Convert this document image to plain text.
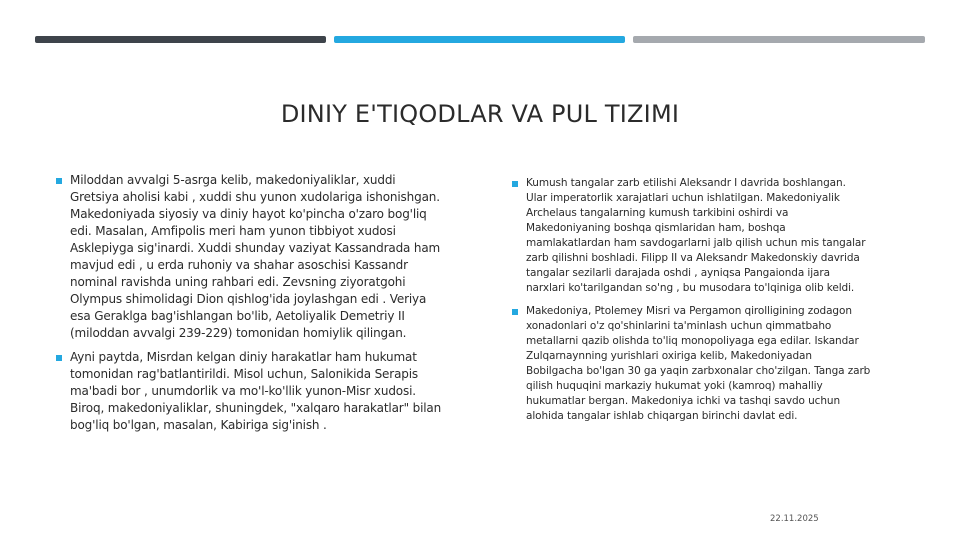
DINIY E'TIQODLAR VA PUL TIZIMI
Miloddan avvalgi 5-asrga kelib, makedoniyaliklar, xuddi
Gretsiya aholisi kabi , xuddi shu yunon xudolariga ishonishgan.
Makedoniyada siyosiy va diniy hayot ko'pincha o'zaro bog'liq
edi. Masalan, Amfipolis meri ham yunon tibbiyot xudosi
Asklepiyga sig'inardi. Xuddi shunday vaziyat Kassandrada ham
mavjud edi , u erda ruhoniy va shahar asoschisi Kassandr
nominal ravishda uning rahbari edi. Zevsning ziyoratgohi
Olympus shimolidagi Dion qishlog'ida joylashgan edi . Veriya
esa Geraklga bag'ishlangan bo'lib, Aetoliyalik Demetriy II
(miloddan avvalgi 239-229) tomonidan homiylik qilingan.
Ayni paytda, Misrdan kelgan diniy harakatlar ham hukumat
tomonidan rag'batlantirildi. Misol uchun, Salonikida Serapis
ma'badi bor , unumdorlik va mo'l-ko'llik yunon-Misr xudosi.
Biroq, makedoniyaliklar, shuningdek, "xalqaro harakatlar" bilan
bog'liq bo'lgan, masalan, Kabiriga sig'inish .
Kumush tangalar zarb etilishi Aleksandr I davrida boshlangan.
Ular imperatorlik xarajatlari uchun ishlatilgan. Makedoniyalik
Archelaus tangalarning kumush tarkibini oshirdi va
Makedoniyaning boshqa qismlaridan ham, boshqa
mamlakatlardan ham savdogarlarni jalb qilish uchun mis tangalar
zarb qilishni boshladi. Filipp II va Aleksandr Makedonskiy davrida
tangalar sezilarli darajada oshdi , ayniqsa Pangaionda ijara
narxlari ko'tarilgandan so'ng , bu musodara to'lqiniga olib keldi.
Makedoniya, Ptolemey Misri va Pergamon qirolligining zodagon
xonadonlari o'z qo'shinlarini ta'minlash uchun qimmatbaho
metallarni qazib olishda to'liq monopoliyaga ega edilar. Iskandar
Zulqarnaynning yurishlari oxiriga kelib, Makedoniyadan
Bobilgacha bo'lgan 30 ga yaqin zarbxonalar cho'zilgan. Tanga zarb
qilish huquqini markaziy hukumat yoki (kamroq) mahalliy
hukumatlar bergan. Makedoniya ichki va tashqi savdo uchun
alohida tangalar ishlab chiqargan birinchi davlat edi.
22.11.2025
